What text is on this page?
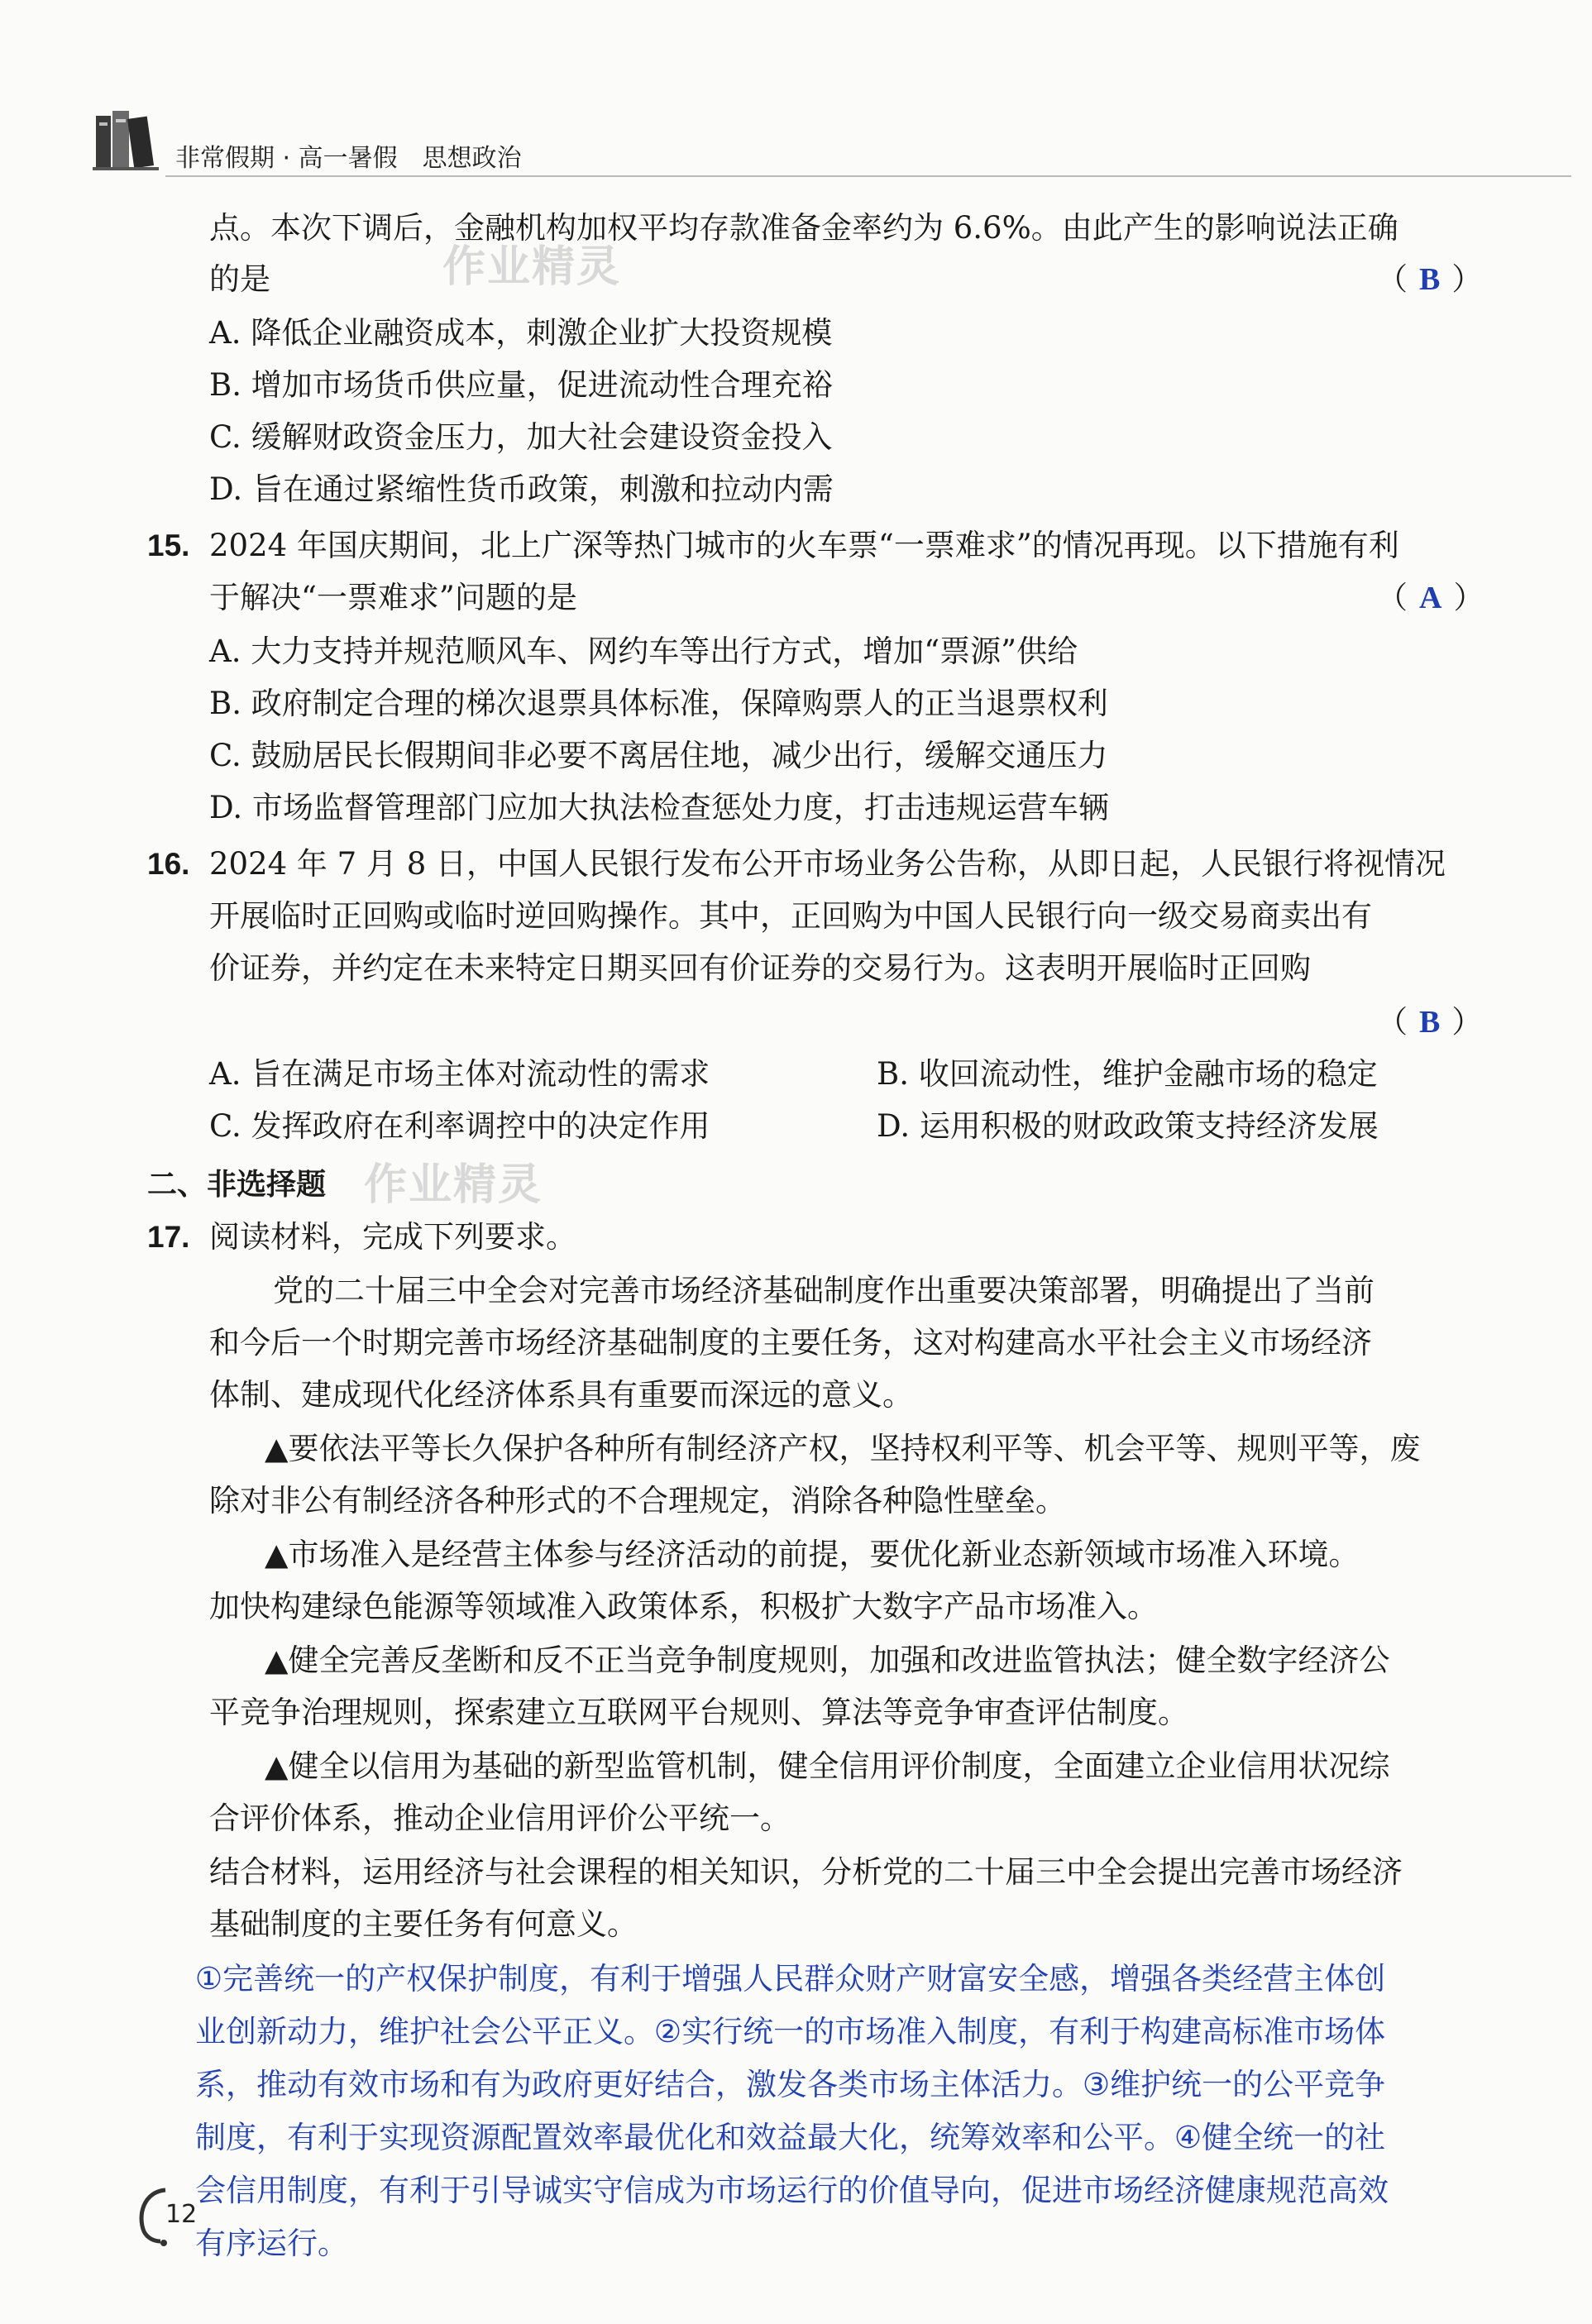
非常假期 · 高一暑假　思想政治
作业精灵
作业精灵
点。本次下调后，金融机构加权平均存款准备金率约为 6.6%。由此产生的影响说法正确
的是	（ B ）
A. 降低企业融资成本，刺激企业扩大投资规模
B. 增加市场货币供应量，促进流动性合理充裕
C. 缓解财政资金压力，加大社会建设资金投入
D. 旨在通过紧缩性货币政策，刺激和拉动内需
15. 2024 年国庆期间，北上广深等热门城市的火车票“一票难求”的情况再现。以下措施有利
于解决“一票难求”问题的是	（ A ）
A. 大力支持并规范顺风车、网约车等出行方式，增加“票源”供给
B. 政府制定合理的梯次退票具体标准，保障购票人的正当退票权利
C. 鼓励居民长假期间非必要不离居住地，减少出行，缓解交通压力
D. 市场监督管理部门应加大执法检查惩处力度，打击违规运营车辆
16. 2024 年 7 月 8 日，中国人民银行发布公开市场业务公告称，从即日起，人民银行将视情况
开展临时正回购或临时逆回购操作。其中，正回购为中国人民银行向一级交易商卖出有
价证券，并约定在未来特定日期买回有价证券的交易行为。这表明开展临时正回购
（ B ）
A. 旨在满足市场主体对流动性的需求	B. 收回流动性，维护金融市场的稳定
C. 发挥政府在利率调控中的决定作用	D. 运用积极的财政政策支持经济发展
二、非选择题
17. 阅读材料，完成下列要求。
党的二十届三中全会对完善市场经济基础制度作出重要决策部署，明确提出了当前
和今后一个时期完善市场经济基础制度的主要任务，这对构建高水平社会主义市场经济
体制、建成现代化经济体系具有重要而深远的意义。
▲要依法平等长久保护各种所有制经济产权，坚持权利平等、机会平等、规则平等，废
除对非公有制经济各种形式的不合理规定，消除各种隐性壁垒。
▲市场准入是经营主体参与经济活动的前提，要优化新业态新领域市场准入环境。
加快构建绿色能源等领域准入政策体系，积极扩大数字产品市场准入。
▲健全完善反垄断和反不正当竞争制度规则，加强和改进监管执法；健全数字经济公
平竞争治理规则，探索建立互联网平台规则、算法等竞争审查评估制度。
▲健全以信用为基础的新型监管机制，健全信用评价制度，全面建立企业信用状况综
合评价体系，推动企业信用评价公平统一。
结合材料，运用经济与社会课程的相关知识，分析党的二十届三中全会提出完善市场经济
基础制度的主要任务有何意义。
①完善统一的产权保护制度，有利于增强人民群众财产财富安全感，增强各类经营主体创
业创新动力，维护社会公平正义。②实行统一的市场准入制度，有利于构建高标准市场体
系，推动有效市场和有为政府更好结合，激发各类市场主体活力。③维护统一的公平竞争
制度，有利于实现资源配置效率最优化和效益最大化，统筹效率和公平。④健全统一的社
会信用制度，有利于引导诚实守信成为市场运行的价值导向，促进市场经济健康规范高效
有序运行。
12
